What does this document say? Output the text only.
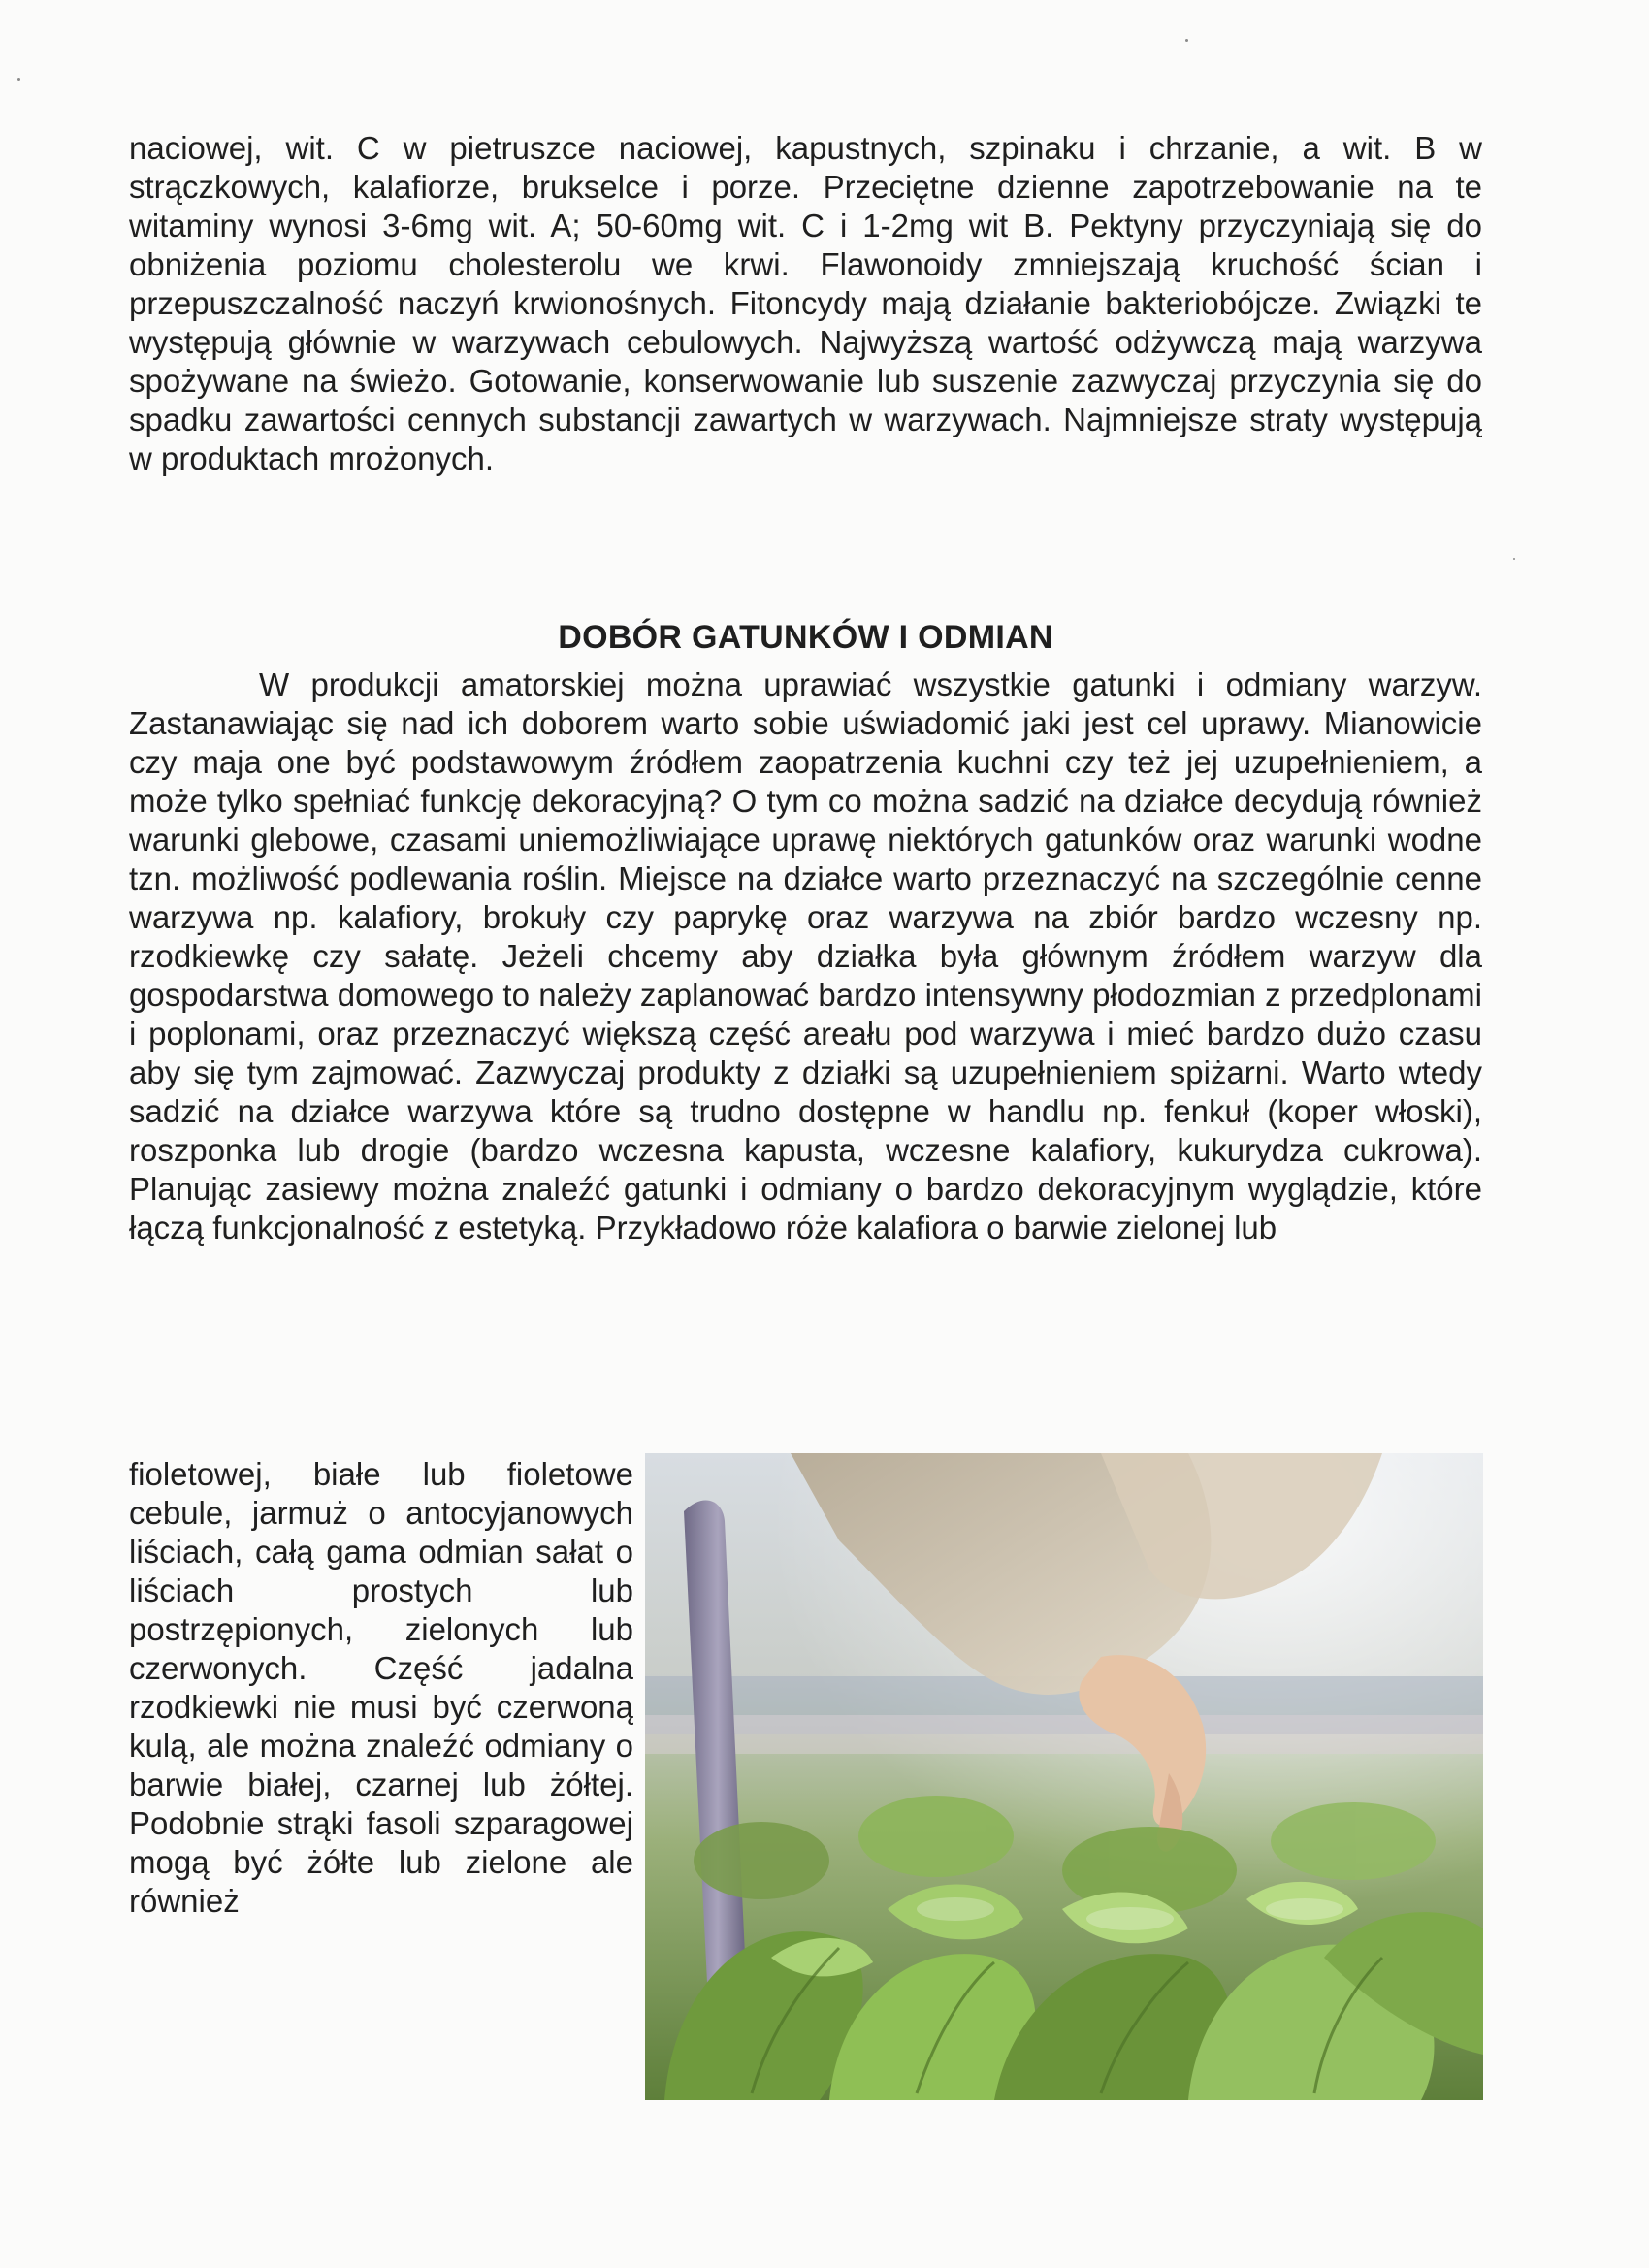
naciowej, wit. C w pietruszce naciowej, kapustnych, szpinaku i chrzanie, a wit. B w strączkowych, kalafiorze, brukselce i porze. Przeciętne dzienne zapotrzebowanie na te witaminy wynosi 3-6mg wit. A; 50-60mg wit. C i 1-2mg wit B. Pektyny przyczyniają się do obniżenia poziomu cholesterolu we krwi. Flawonoidy zmniejszają kruchość ścian i przepuszczalność naczyń krwionośnych. Fitoncydy mają działanie bakteriobójcze. Związki te występują głównie w warzywach cebulowych. Najwyższą wartość odżywczą mają warzywa spożywane na świeżo. Gotowanie, konserwowanie lub suszenie zazwyczaj przyczynia się do spadku zawartości cennych substancji zawartych w warzywach. Najmniejsze straty występują w produktach mrożonych.

DOBÓR GATUNKÓW I ODMIAN

W produkcji amatorskiej można uprawiać wszystkie gatunki i odmiany warzyw. Zastanawiając się nad ich doborem warto sobie uświadomić jaki jest cel uprawy. Mianowicie czy maja one być podstawowym źródłem zaopatrzenia kuchni czy też jej uzupełnieniem, a może tylko spełniać funkcję dekoracyjną? O tym co można sadzić na działce decydują również warunki glebowe, czasami uniemożliwiające uprawę niektórych gatunków oraz warunki wodne tzn. możliwość podlewania roślin. Miejsce na działce warto przeznaczyć na szczególnie cenne warzywa np. kalafiory, brokuły czy paprykę oraz warzywa na zbiór bardzo wczesny np. rzodkiewkę czy sałatę. Jeżeli chcemy aby działka była głównym źródłem warzyw dla gospodarstwa domowego to należy zaplanować bardzo intensywny płodozmian z przedplonami i poplonami, oraz przeznaczyć większą część areału pod warzywa i mieć bardzo dużo czasu aby się tym zajmować. Zazwyczaj produkty z działki są uzupełnieniem spiżarni. Warto wtedy sadzić na działce warzywa które są trudno dostępne w handlu np. fenkuł (koper włoski), roszponka lub drogie (bardzo wczesna kapusta, wczesne kalafiory, kukurydza cukrowa). Planując zasiewy można znaleźć gatunki i odmiany o bardzo dekoracyjnym wyglądzie, które łączą funkcjonalność z estetyką. Przykładowo róże kalafiora o barwie zielonej lub

fioletowej, białe lub fioletowe cebule, jarmuż o antocyjanowych liściach, całą gama odmian sałat o liściach prostych lub postrzępionych, zielonych lub czerwonych. Część jadalna rzodkiewki nie musi być czerwoną kulą, ale można znaleźć odmiany o barwie białej, czarnej lub żółtej. Podobnie strąki fasoli szparagowej mogą być żółte lub zielone ale również
